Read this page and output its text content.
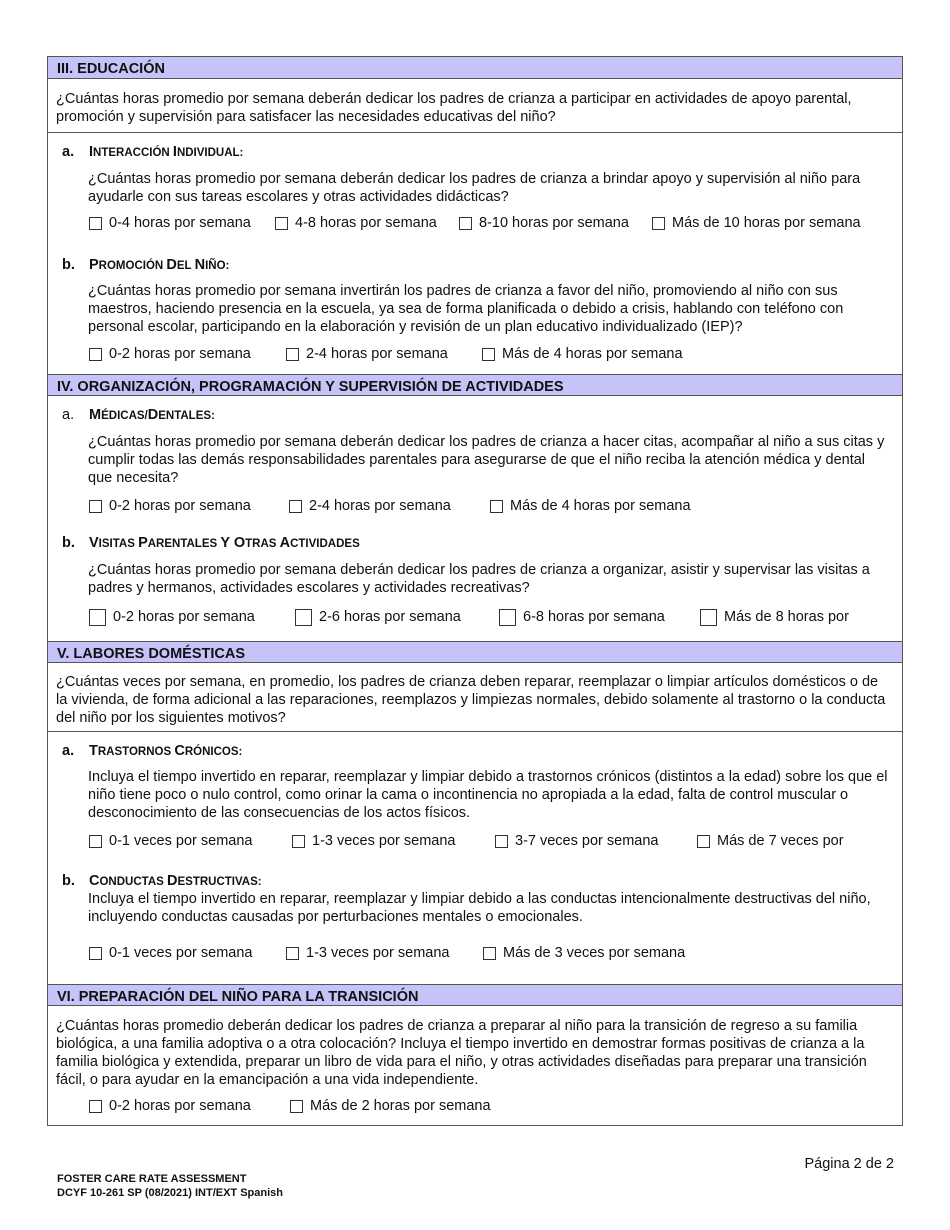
III. EDUCACIÓN
¿Cuántas horas promedio por semana deberán dedicar los padres de crianza a participar en actividades de apoyo parental, promoción y supervisión para satisfacer las necesidades educativas del niño?
a. INTERACCIÓN INDIVIDUAL:
¿Cuántas horas promedio por semana deberán dedicar los padres de crianza a brindar apoyo y supervisión al niño para ayudarle con sus tareas escolares y otras actividades didácticas?
0-4 horas por semana	4-8 horas por semana	8-10 horas por semana	Más de 10 horas por semana
b. PROMOCIÓN DEL NIÑO:
¿Cuántas horas promedio por semana invertirán los padres de crianza a favor del niño, promoviendo al niño con sus maestros, haciendo presencia en la escuela, ya sea de forma planificada o debido a crisis, hablando con teléfono con personal escolar, participando en la elaboración y revisión de un plan educativo individualizado (IEP)?
0-2 horas por semana	2-4 horas por semana	Más de 4 horas por semana
IV. ORGANIZACIÓN, PROGRAMACIÓN Y SUPERVISIÓN DE ACTIVIDADES
a. MÉDICAS/DENTALES:
¿Cuántas horas promedio por semana deberán dedicar los padres de crianza a hacer citas, acompañar al niño a sus citas y cumplir todas las demás responsabilidades parentales para asegurarse de que el niño reciba la atención médica y dental que necesita?
0-2 horas por semana	2-4 horas por semana	Más de 4 horas por semana
b. VISITAS PARENTALES Y OTRAS ACTIVIDADES
¿Cuántas horas promedio por semana deberán dedicar los padres de crianza a organizar, asistir y supervisar las visitas a padres y hermanos, actividades escolares y actividades recreativas?
0-2 horas por semana	2-6 horas por semana	6-8 horas por semana	Más de 8 horas por
V. LABORES DOMÉSTICAS
¿Cuántas veces por semana, en promedio, los padres de crianza deben reparar, reemplazar o limpiar artículos domésticos o de la vivienda, de forma adicional a las reparaciones, reemplazos y limpiezas normales, debido solamente al trastorno o la conducta del niño por los siguientes motivos?
a. TRASTORNOS CRÓNICOS:
Incluya el tiempo invertido en reparar, reemplazar y limpiar debido a trastornos crónicos (distintos a la edad) sobre los que el niño tiene poco o nulo control, como orinar la cama o incontinencia no apropiada a la edad, falta de control muscular o desconocimiento de las consecuencias de los actos físicos.
0-1 veces por semana	1-3 veces por semana	3-7 veces por semana	Más de 7 veces por
b. CONDUCTAS DESTRUCTIVAS:
Incluya el tiempo invertido en reparar, reemplazar y limpiar debido a las conductas intencionalmente destructivas del niño, incluyendo conductas causadas por perturbaciones mentales o emocionales.
0-1 veces por semana	1-3 veces por semana	Más de 3 veces por semana
VI. PREPARACIÓN DEL NIÑO PARA LA TRANSICIÓN
¿Cuántas horas promedio deberán dedicar los padres de crianza a preparar al niño para la transición de regreso a su familia biológica, a una familia adoptiva o a otra colocación? Incluya el tiempo invertido en demostrar formas positivas de crianza a la familia biológica y extendida, preparar un libro de vida para el niño, y otras actividades diseñadas para preparar una transición fácil, o para ayudar en la emancipación a una vida independiente.
0-2 horas por semana	Más de 2 horas por semana
Página 2 de 2
FOSTER CARE RATE ASSESSMENT
DCYF 10-261 SP (08/2021) INT/EXT Spanish
